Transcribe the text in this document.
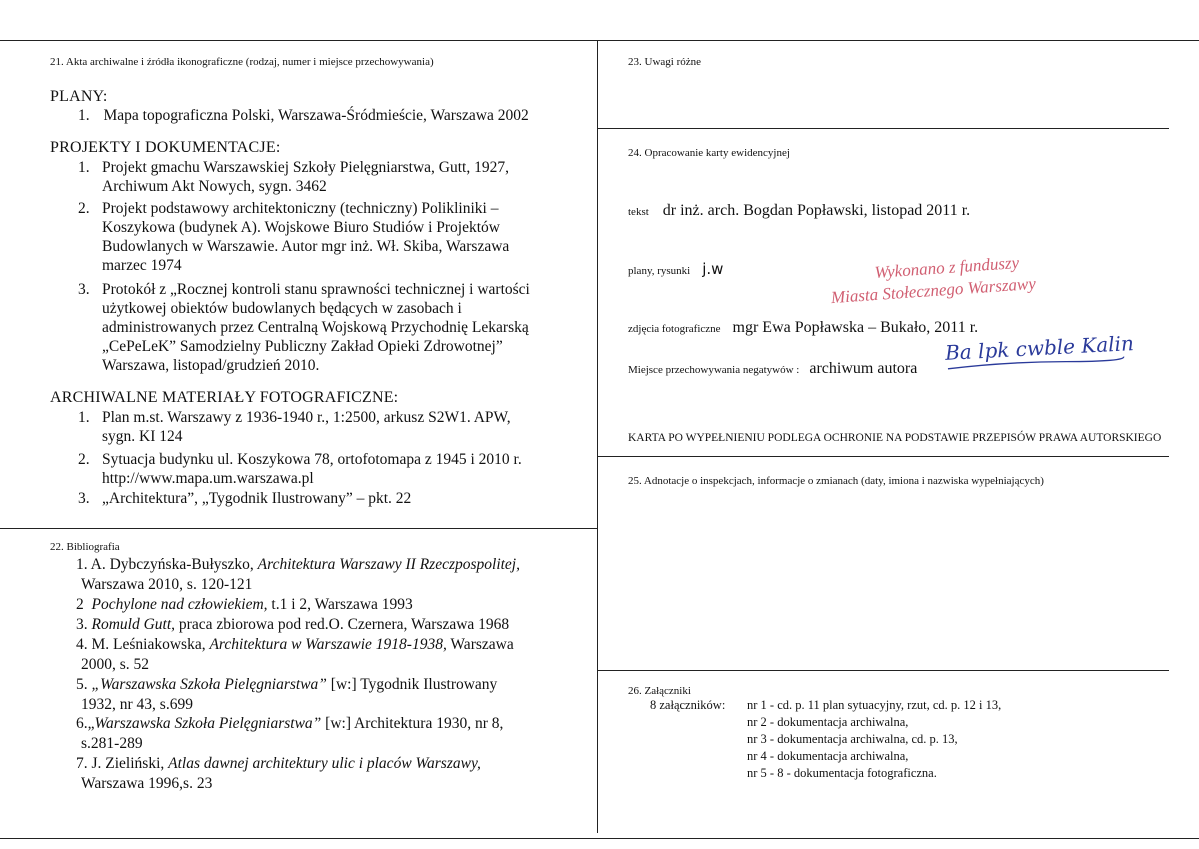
21. Akta archiwalne i źródła ikonograficzne (rodzaj, numer i miejsce przechowywania)
PLANY:
1. Mapa topograficzna Polski, Warszawa-Śródmieście, Warszawa 2002
PROJEKTY I DOKUMENTACJE:
1. Projekt gmachu Warszawskiej Szkoły Pielęgniarstwa, Gutt, 1927,
Archiwum Akt Nowych, sygn. 3462
2. Projekt podstawowy architektoniczny (techniczny) Polikliniki –
Koszykowa (budynek A). Wojskowe Biuro Studiów i Projektów
Budowlanych w Warszawie. Autor mgr inż. Wł. Skiba, Warszawa
marzec 1974
3. Protokół z „Rocznej kontroli stanu sprawności technicznej i wartości
użytkowej obiektów budowlanych będących w zasobach i
administrowanych przez Centralną Wojskową Przychodnię Lekarską
„CePeLeK” Samodzielny Publiczny Zakład Opieki Zdrowotnej”
Warszawa, listopad/grudzień 2010.
ARCHIWALNE MATERIAŁY FOTOGRAFICZNE:
1. Plan m.st. Warszawy z 1936-1940 r., 1:2500, arkusz S2W1. APW,
sygn. KI 124
2. Sytuacja budynku ul. Koszykowa 78, ortofotomapa z 1945 i 2010 r.
http://www.mapa.um.warszawa.pl
3. „Architektura”, „Tygodnik Ilustrowany” – pkt. 22
22. Bibliografia
1. A. Dybczyńska-Bułyszko, Architektura Warszawy II Rzeczpospolitej,
Warszawa 2010, s. 120-121
2  Pochylone nad człowiekiem, t.1 i 2, Warszawa 1993
3. Romuld Gutt, praca zbiorowa pod red.O. Czernera, Warszawa 1968
4. M. Leśniakowska, Architektura w Warszawie 1918-1938, Warszawa
2000, s. 52
5. „Warszawska Szkoła Pielęgniarstwa” [w:] Tygodnik Ilustrowany
1932, nr 43, s.699
6.„Warszawska Szkoła Pielęgniarstwa” [w:] Architektura 1930, nr 8,
s.281-289
7. J. Zieliński, Atlas dawnej architektury ulic i placów Warszawy,
Warszawa 1996,s. 23
23. Uwagi różne
24. Opracowanie karty ewidencyjnej
tekst dr inż. arch. Bogdan Popławski, listopad 2011 r.
plany, rysunki j.w	Wykonano z funduszy
Miasta Stołecznego Warszawy
zdjęcia fotograficzne mgr Ewa Popławska – Bukało, 2011 r.
Ba lpk cwble Kalin
Miejsce przechowywania negatywów : archiwum autora
KARTA PO WYPEŁNIENIU PODLEGA OCHRONIE NA PODSTAWIE PRZEPISÓW PRAWA AUTORSKIEGO
25. Adnotacje o inspekcjach, informacje o zmianach (daty, imiona i nazwiska wypełniających)
26. Załączniki
8 załączników: nr 1 - cd. p. 11 plan sytuacyjny, rzut, cd. p. 12 i 13,
nr 2 - dokumentacja archiwalna,
nr 3 - dokumentacja archiwalna, cd. p. 13,
nr 4 - dokumentacja archiwalna,
nr 5 - 8 - dokumentacja fotograficzna.
